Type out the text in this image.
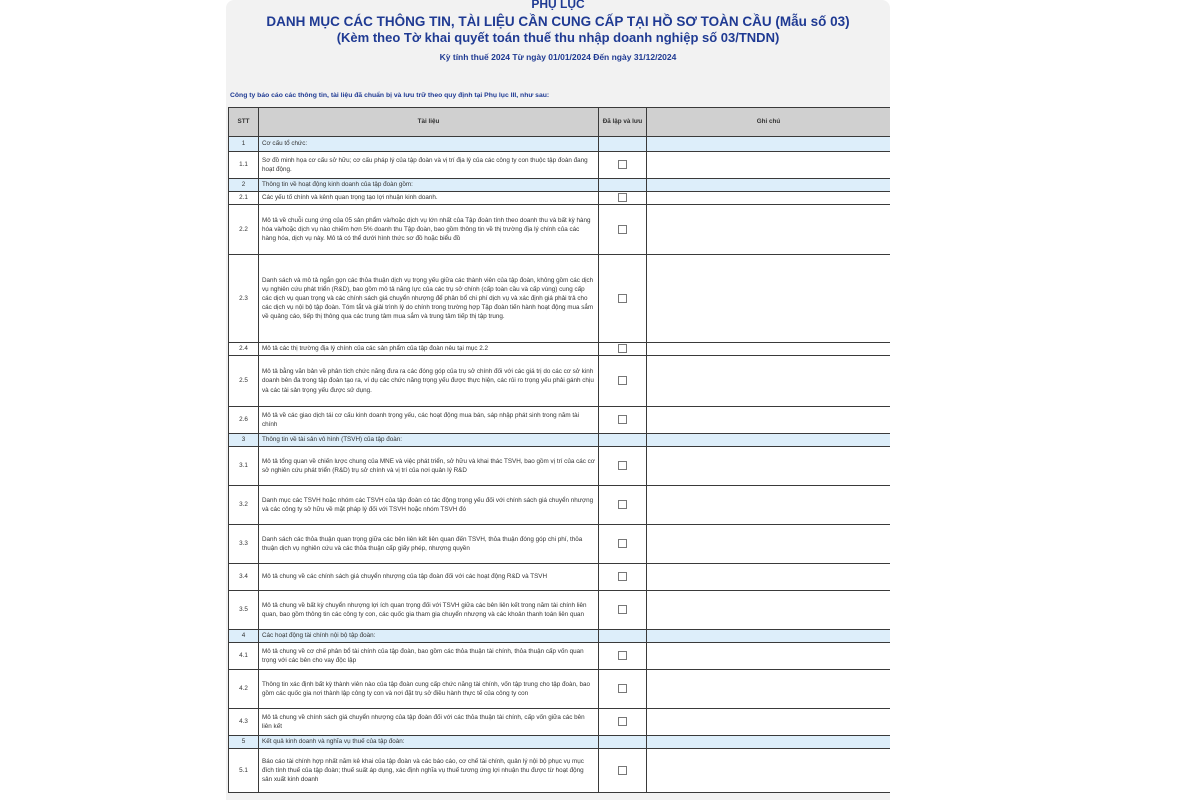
PHỤ LỤC
DANH MỤC CÁC THÔNG TIN, TÀI LIỆU CẦN CUNG CẤP TẠI HỒ SƠ TOÀN CẦU (Mẫu số 03)
(Kèm theo Tờ khai quyết toán thuế thu nhập doanh nghiệp số 03/TNDN)
Kỳ tính thuế 2024 Từ ngày 01/01/2024 Đến ngày 31/12/2024
Công ty báo cáo các thông tin, tài liệu đã chuẩn bị và lưu trữ theo quy định tại Phụ lục III, như sau:
STT	Tài liệu	Đã lập và lưu	Ghi chú
1	Cơ cấu tổ chức:		
1.1	Sơ đồ minh họa cơ cấu sở hữu; cơ cấu pháp lý của tập đoàn và vị trí địa lý của các công ty con thuộc tập đoàn đang hoạt động.		
2	Thông tin về hoạt động kinh doanh của tập đoàn gồm:		
2.1	Các yếu tố chính và kênh quan trọng tạo lợi nhuận kinh doanh.		
2.2	Mô tả về chuỗi cung ứng của 05 sản phẩm và/hoặc dịch vụ lớn nhất của Tập đoàn tính theo doanh thu và bất kỳ hàng hóa và/hoặc dịch vụ nào chiếm hơn 5% doanh thu Tập đoàn, bao gồm thông tin về thị trường địa lý chính của các hàng hóa, dịch vụ này. Mô tả có thể dưới hình thức sơ đồ hoặc biểu đồ		
2.3	Danh sách và mô tả ngắn gọn các thỏa thuận dịch vụ trọng yếu giữa các thành viên của tập đoàn, không gồm các dịch vụ nghiên cứu phát triển (R&D), bao gồm mô tả năng lực của các trụ sở chính (cấp toàn cầu và cấp vùng) cung cấp các dịch vụ quan trọng và các chính sách giá chuyển nhượng để phân bổ chi phí dịch vụ và xác định giá phải trả cho các dịch vụ nội bộ tập đoàn. Tóm tắt và giải trình lý do chính trong trường hợp Tập đoàn tiến hành hoạt động mua sắm về quảng cáo, tiếp thị thông qua các trung tâm mua sắm và trung tâm tiếp thị tập trung.		
2.4	Mô tả các thị trường địa lý chính của các sản phẩm của tập đoàn nêu tại mục 2.2		
2.5	Mô tả bằng văn bản về phân tích chức năng đưa ra các đóng góp của trụ sở chính đối với các giá trị do các cơ sở kinh doanh bên đa trong tập đoàn tạo ra, ví dụ các chức năng trọng yếu được thực hiện, các rủi ro trọng yếu phải gánh chịu và các tài sản trọng yếu được sử dụng.		
2.6	Mô tả về các giao dịch tái cơ cấu kinh doanh trọng yếu, các hoạt động mua bán, sáp nhập phát sinh trong năm tài chính		
3	Thông tin về tài sản vô hình (TSVH) của tập đoàn:		
3.1	Mô tả tổng quan về chiến lược chung của MNE và việc phát triển, sở hữu và khai thác TSVH, bao gồm vị trí của các cơ sở nghiên cứu phát triển (R&D) trụ sở chính và vị trí của nơi quản lý R&D		
3.2	Danh mục các TSVH hoặc nhóm các TSVH của tập đoàn có tác động trọng yếu đối với chính sách giá chuyển nhượng và các công ty sở hữu về mặt pháp lý đối với TSVH hoặc nhóm TSVH đó		
3.3	Danh sách các thỏa thuận quan trọng giữa các bên liên kết liên quan đến TSVH, thỏa thuận đóng góp chi phí, thỏa thuận dịch vụ nghiên cứu và các thỏa thuận cấp giấy phép, nhượng quyền		
3.4	Mô tả chung về các chính sách giá chuyển nhượng của tập đoàn đối với các hoạt động R&D và TSVH		
3.5	Mô tả chung về bất kỳ chuyển nhượng lợi ích quan trọng đối với TSVH giữa các bên liên kết trong năm tài chính liên quan, bao gồm thông tin các công ty con, các quốc gia tham gia chuyển nhượng và các khoản thanh toán liên quan		
4	Các hoạt động tài chính nội bộ tập đoàn:		
4.1	Mô tả chung về cơ chế phân bổ tài chính của tập đoàn, bao gồm các thỏa thuận tài chính, thỏa thuận cấp vốn quan trọng với các bên cho vay độc lập		
4.2	Thông tin xác định bất kỳ thành viên nào của tập đoàn cung cấp chức năng tài chính, vốn tập trung cho tập đoàn, bao gồm các quốc gia nơi thành lập công ty con và nơi đặt trụ sở điều hành thực tế của công ty con		
4.3	Mô tả chung về chính sách giá chuyển nhượng của tập đoàn đối với các thỏa thuận tài chính, cấp vốn giữa các bên liên kết		
5	Kết quả kinh doanh và nghĩa vụ thuế của tập đoàn:		
5.1	Báo cáo tài chính hợp nhất năm kê khai của tập đoàn và các báo cáo, cơ chế tài chính, quản lý nội bộ phục vụ mục đích tính thuế của tập đoàn; thuế suất áp dụng, xác định nghĩa vụ thuế tương ứng lợi nhuận thu được từ hoạt động sản xuất kinh doanh		
